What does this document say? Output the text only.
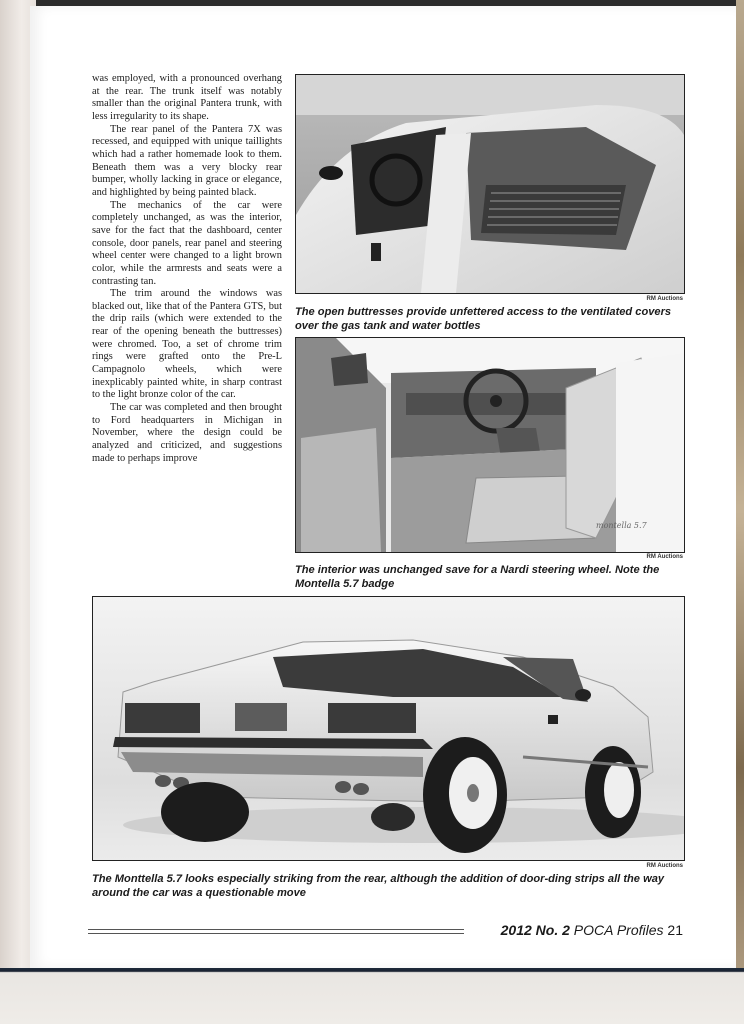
was employed, with a pronounced overhang at the rear. The trunk itself was notably smaller than the original Pantera trunk, with less irregularity to its shape.

The rear panel of the Pantera 7X was recessed, and equipped with unique taillights which had a rather homemade look to them. Beneath them was a very blocky rear bumper, wholly lacking in grace or elegance, and highlighted by being painted black.

The mechanics of the car were completely unchanged, as was the interior, save for the fact that the dashboard, center console, door panels, rear panel and steering wheel center were changed to a light brown color, while the armrests and seats were a contrasting tan.

The trim around the windows was blacked out, like that of the Pantera GTS, but the drip rails (which were extended to the rear of the opening beneath the buttresses) were chromed. Too, a set of chrome trim rings were grafted onto the Pre-L Campagnolo wheels, which were inexplicably painted white, in sharp contrast to the light bronze color of the car.

The car was completed and then brought to Ford headquarters in Michigan in November, where the design could be analyzed and criticized, and suggestions made to perhaps improve

RM Auctions
The open buttresses provide unfettered access to the ventilated covers over the gas tank and water bottles
montella 5.7
RM Auctions
The interior was unchanged save for a Nardi steering wheel. Note the Montella 5.7 badge
RM Auctions
The Monttella 5.7 looks especially striking from the rear, although the addition of door-ding strips all the way around the car was a questionable move
2012 No. 2 POCA Profiles 21
